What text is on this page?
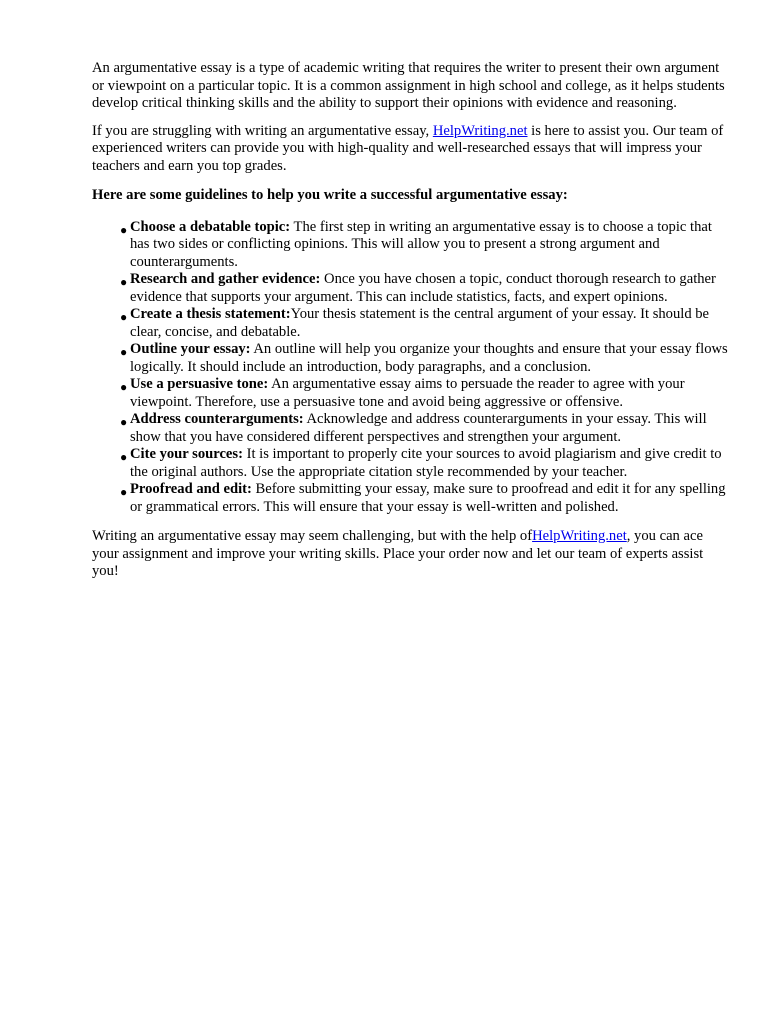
An argumentative essay is a type of academic writing that requires the writer to present their own argument or viewpoint on a particular topic. It is a common assignment in high school and college, as it helps students develop critical thinking skills and the ability to support their opinions with evidence and reasoning.

If you are struggling with writing an argumentative essay, HelpWriting.net is here to assist you. Our team of experienced writers can provide you with high-quality and well-researched essays that will impress your teachers and earn you top grades.

Here are some guidelines to help you write a successful argumentative essay:

● Choose a debatable topic: The first step in writing an argumentative essay is to choose a topic that has two sides or conflicting opinions. This will allow you to present a strong argument and counterarguments.
● Research and gather evidence: Once you have chosen a topic, conduct thorough research to gather evidence that supports your argument. This can include statistics, facts, and expert opinions.
● Create a thesis statement:Your thesis statement is the central argument of your essay. It should be clear, concise, and debatable.
● Outline your essay: An outline will help you organize your thoughts and ensure that your essay flows logically. It should include an introduction, body paragraphs, and a conclusion.
● Use a persuasive tone: An argumentative essay aims to persuade the reader to agree with your viewpoint. Therefore, use a persuasive tone and avoid being aggressive or offensive.
● Address counterarguments: Acknowledge and address counterarguments in your essay. This will show that you have considered different perspectives and strengthen your argument.
● Cite your sources: It is important to properly cite your sources to avoid plagiarism and give credit to the original authors. Use the appropriate citation style recommended by your teacher.
● Proofread and edit: Before submitting your essay, make sure to proofread and edit it for any spelling or grammatical errors. This will ensure that your essay is well-written and polished.

Writing an argumentative essay may seem challenging, but with the help ofHelpWriting.net, you can ace your assignment and improve your writing skills. Place your order now and let our team of experts assist you!
